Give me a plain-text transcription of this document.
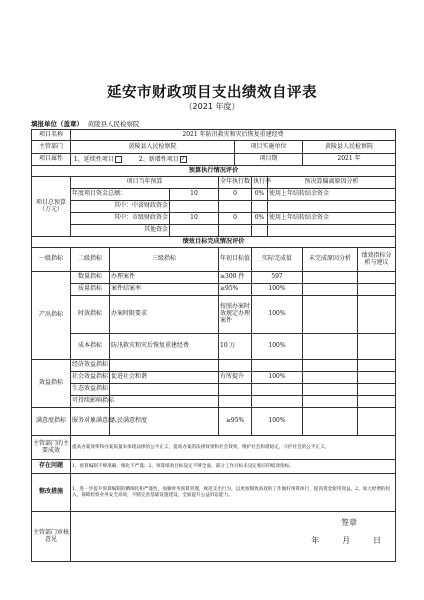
延安市财政项目支出绩效自评表
（2021 年度）
填报单位（盖章） 黄陵县人民检察院
项目名称	2021 年防汛救灾和灾后恢复重建经费								
主管部门	黄陵县人民检察院				项目实施单位			黄陵县人民检察院	
项目属性	1、延续性项目 2、新增性项目 ✓				项目期			2021 年	
预算执行情况评价									
项目总预算
（万元）	项目当年预算			全年执行数		执行率	预决算偏离原因分析		
	年度项目资金总额：		10	0		0%	使用上年结转结余资金		
	其中：中省财政资金								
	其中：市级财政资金		10	0		0%	使用上年结转结余资金		
	其他资金								
绩效目标完成情况评价									
一级指标	二级指标	三级指标		年初目标值		实际完成值		未完成原因分析	绩效指标分析与建议
产出指标	数量指标	办理案件		≥300 件		597			
	质量指标	案件结案率		≥95%		100%			
	时效指标	办案时限要求		按照办案时效规定办理案件		100%			
	成本指标	防汛救灾和灾后恢复重建经费		10 万		100%			
效益指标	经济效益指标								
	社会效益指标	促进社会和谐		有所提升		100%			
	生态效益指标								
	可持续影响指标								
满意度指标	服务对象满意度	人民满意程度		≥95%		100%			
主管部门的主要成效	提高办案效率和办案质量来体现法律的公平正义，提高办案的法律效果和社会效果，维护社会和谐稳定，守护社会的公平正义。								
存在问题	1、预算编制不够准确，细化不严谨；2、预算绩效目标设定不够全面，部分工作目标未设定相应的绩效指标。								
整改措施	1、进一步提升预算编制的精细化和严谨性，加强财务预算管理，规范支出行为，以更加细致高效的工作做好预算执行，提高资金使用效益。2、加大经费的投入，保障检察业务安全高效，不断完善基础设施建设，全面提升公益诉讼能力。								
主管部门审核意见	签章
年 月 日								
